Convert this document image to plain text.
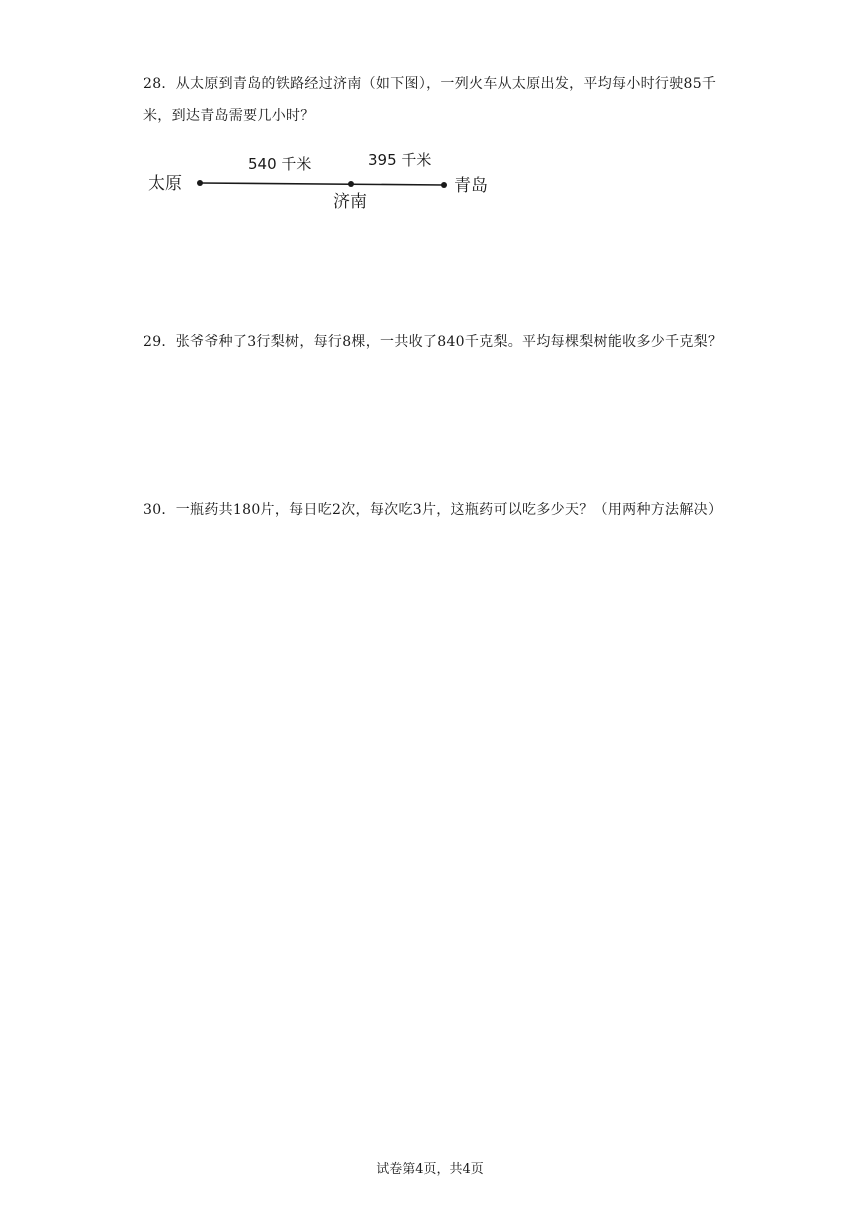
28．从太原到青岛的铁路经过济南（如下图），一列火车从太原出发，平均每小时行驶85千米，到达青岛需要几小时？
540 千米	395 千米
太原
济南
青岛
29．张爷爷种了3行梨树，每行8棵，一共收了840千克梨。平均每棵梨树能收多少千克梨？
30．一瓶药共180片，每日吃2次，每次吃3片，这瓶药可以吃多少天？（用两种方法解决）
试卷第4页，共4页
